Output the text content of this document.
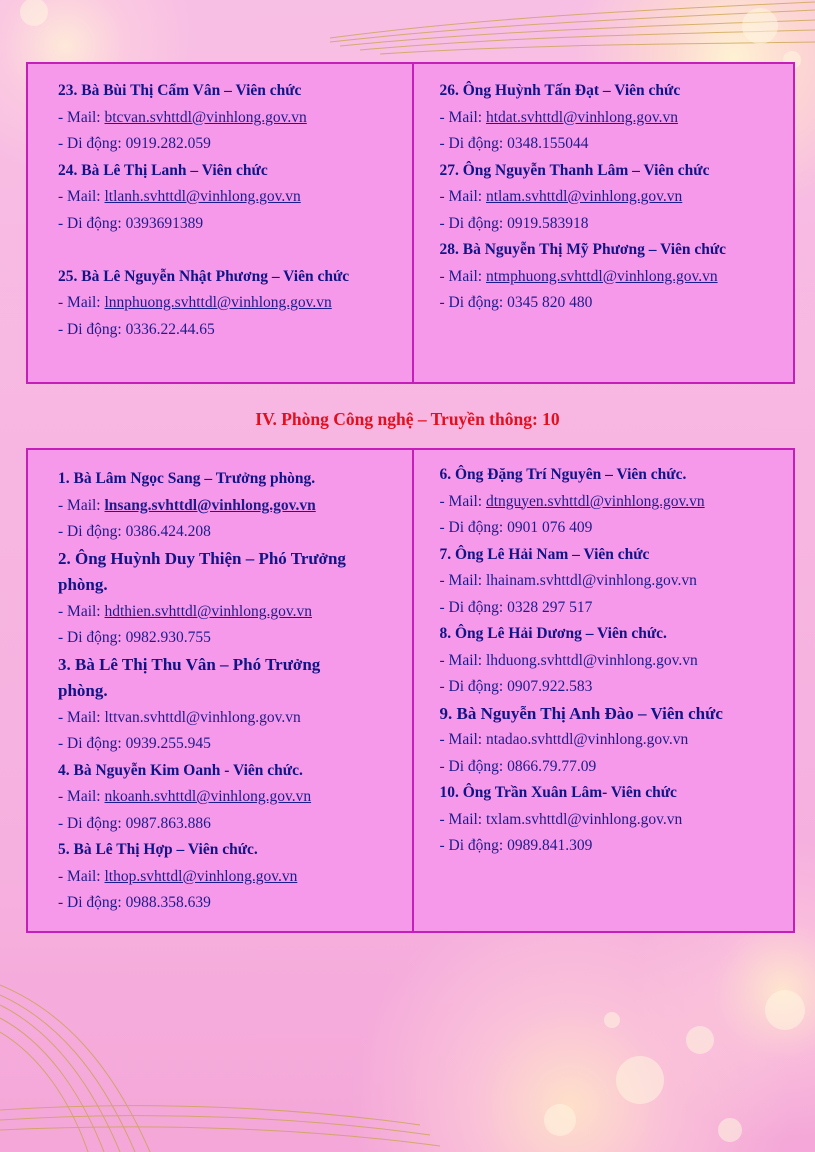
23. Bà Bùi Thị Cẩm Vân – Viên chức
- Mail: btcvan.svhttdl@vinhlong.gov.vn
- Di động: 0919.282.059
24. Bà Lê Thị Lanh – Viên chức
- Mail: ltlanh.svhttdl@vinhlong.gov.vn
- Di động: 0393691389
25. Bà Lê Nguyễn Nhật Phương – Viên chức
- Mail: lnnphuong.svhttdl@vinhlong.gov.vn
- Di động: 0336.22.44.65
26. Ông Huỳnh Tấn Đạt – Viên chức
- Mail: htdat.svhttdl@vinhlong.gov.vn
- Di động: 0348.155044
27. Ông Nguyễn Thanh Lâm – Viên chức
- Mail: ntlam.svhttdl@vinhlong.gov.vn
- Di động: 0919.583918
28. Bà Nguyễn Thị Mỹ Phương – Viên chức
- Mail: ntmphuong.svhttdl@vinhlong.gov.vn
- Di động: 0345 820 480
IV. Phòng Công nghệ – Truyền thông: 10
1. Bà Lâm Ngọc Sang – Trưởng phòng.
- Mail: lnsang.svhttdl@vinhlong.gov.vn
- Di động: 0386.424.208
2. Ông Huỳnh Duy Thiện – Phó Trưởng phòng.
- Mail: hdthien.svhttdl@vinhlong.gov.vn
- Di động: 0982.930.755
3. Bà Lê Thị Thu Vân – Phó Trưởng phòng.
- Mail: lttvan.svhttdl@vinhlong.gov.vn
- Di động: 0939.255.945
4. Bà Nguyễn Kim Oanh - Viên chức.
- Mail: nkoanh.svhttdl@vinhlong.gov.vn
- Di động: 0987.863.886
5. Bà Lê Thị Hợp – Viên chức.
- Mail: lthop.svhttdl@vinhlong.gov.vn
- Di động: 0988.358.639
6. Ông Đặng Trí Nguyên – Viên chức.
- Mail: dtnguyen.svhttdl@vinhlong.gov.vn
- Di động: 0901 076 409
7. Ông Lê Hải Nam – Viên chức
- Mail: lhainam.svhttdl@vinhlong.gov.vn
- Di động: 0328 297 517
8. Ông Lê Hải Dương – Viên chức.
- Mail: lhduong.svhttdl@vinhlong.gov.vn
- Di động: 0907.922.583
9. Bà Nguyễn Thị Anh Đào – Viên chức
- Mail: ntadao.svhttdl@vinhlong.gov.vn
- Di động: 0866.79.77.09
10. Ông Trần Xuân Lâm- Viên chức
- Mail: txlam.svhttdl@vinhlong.gov.vn
- Di động: 0989.841.309
